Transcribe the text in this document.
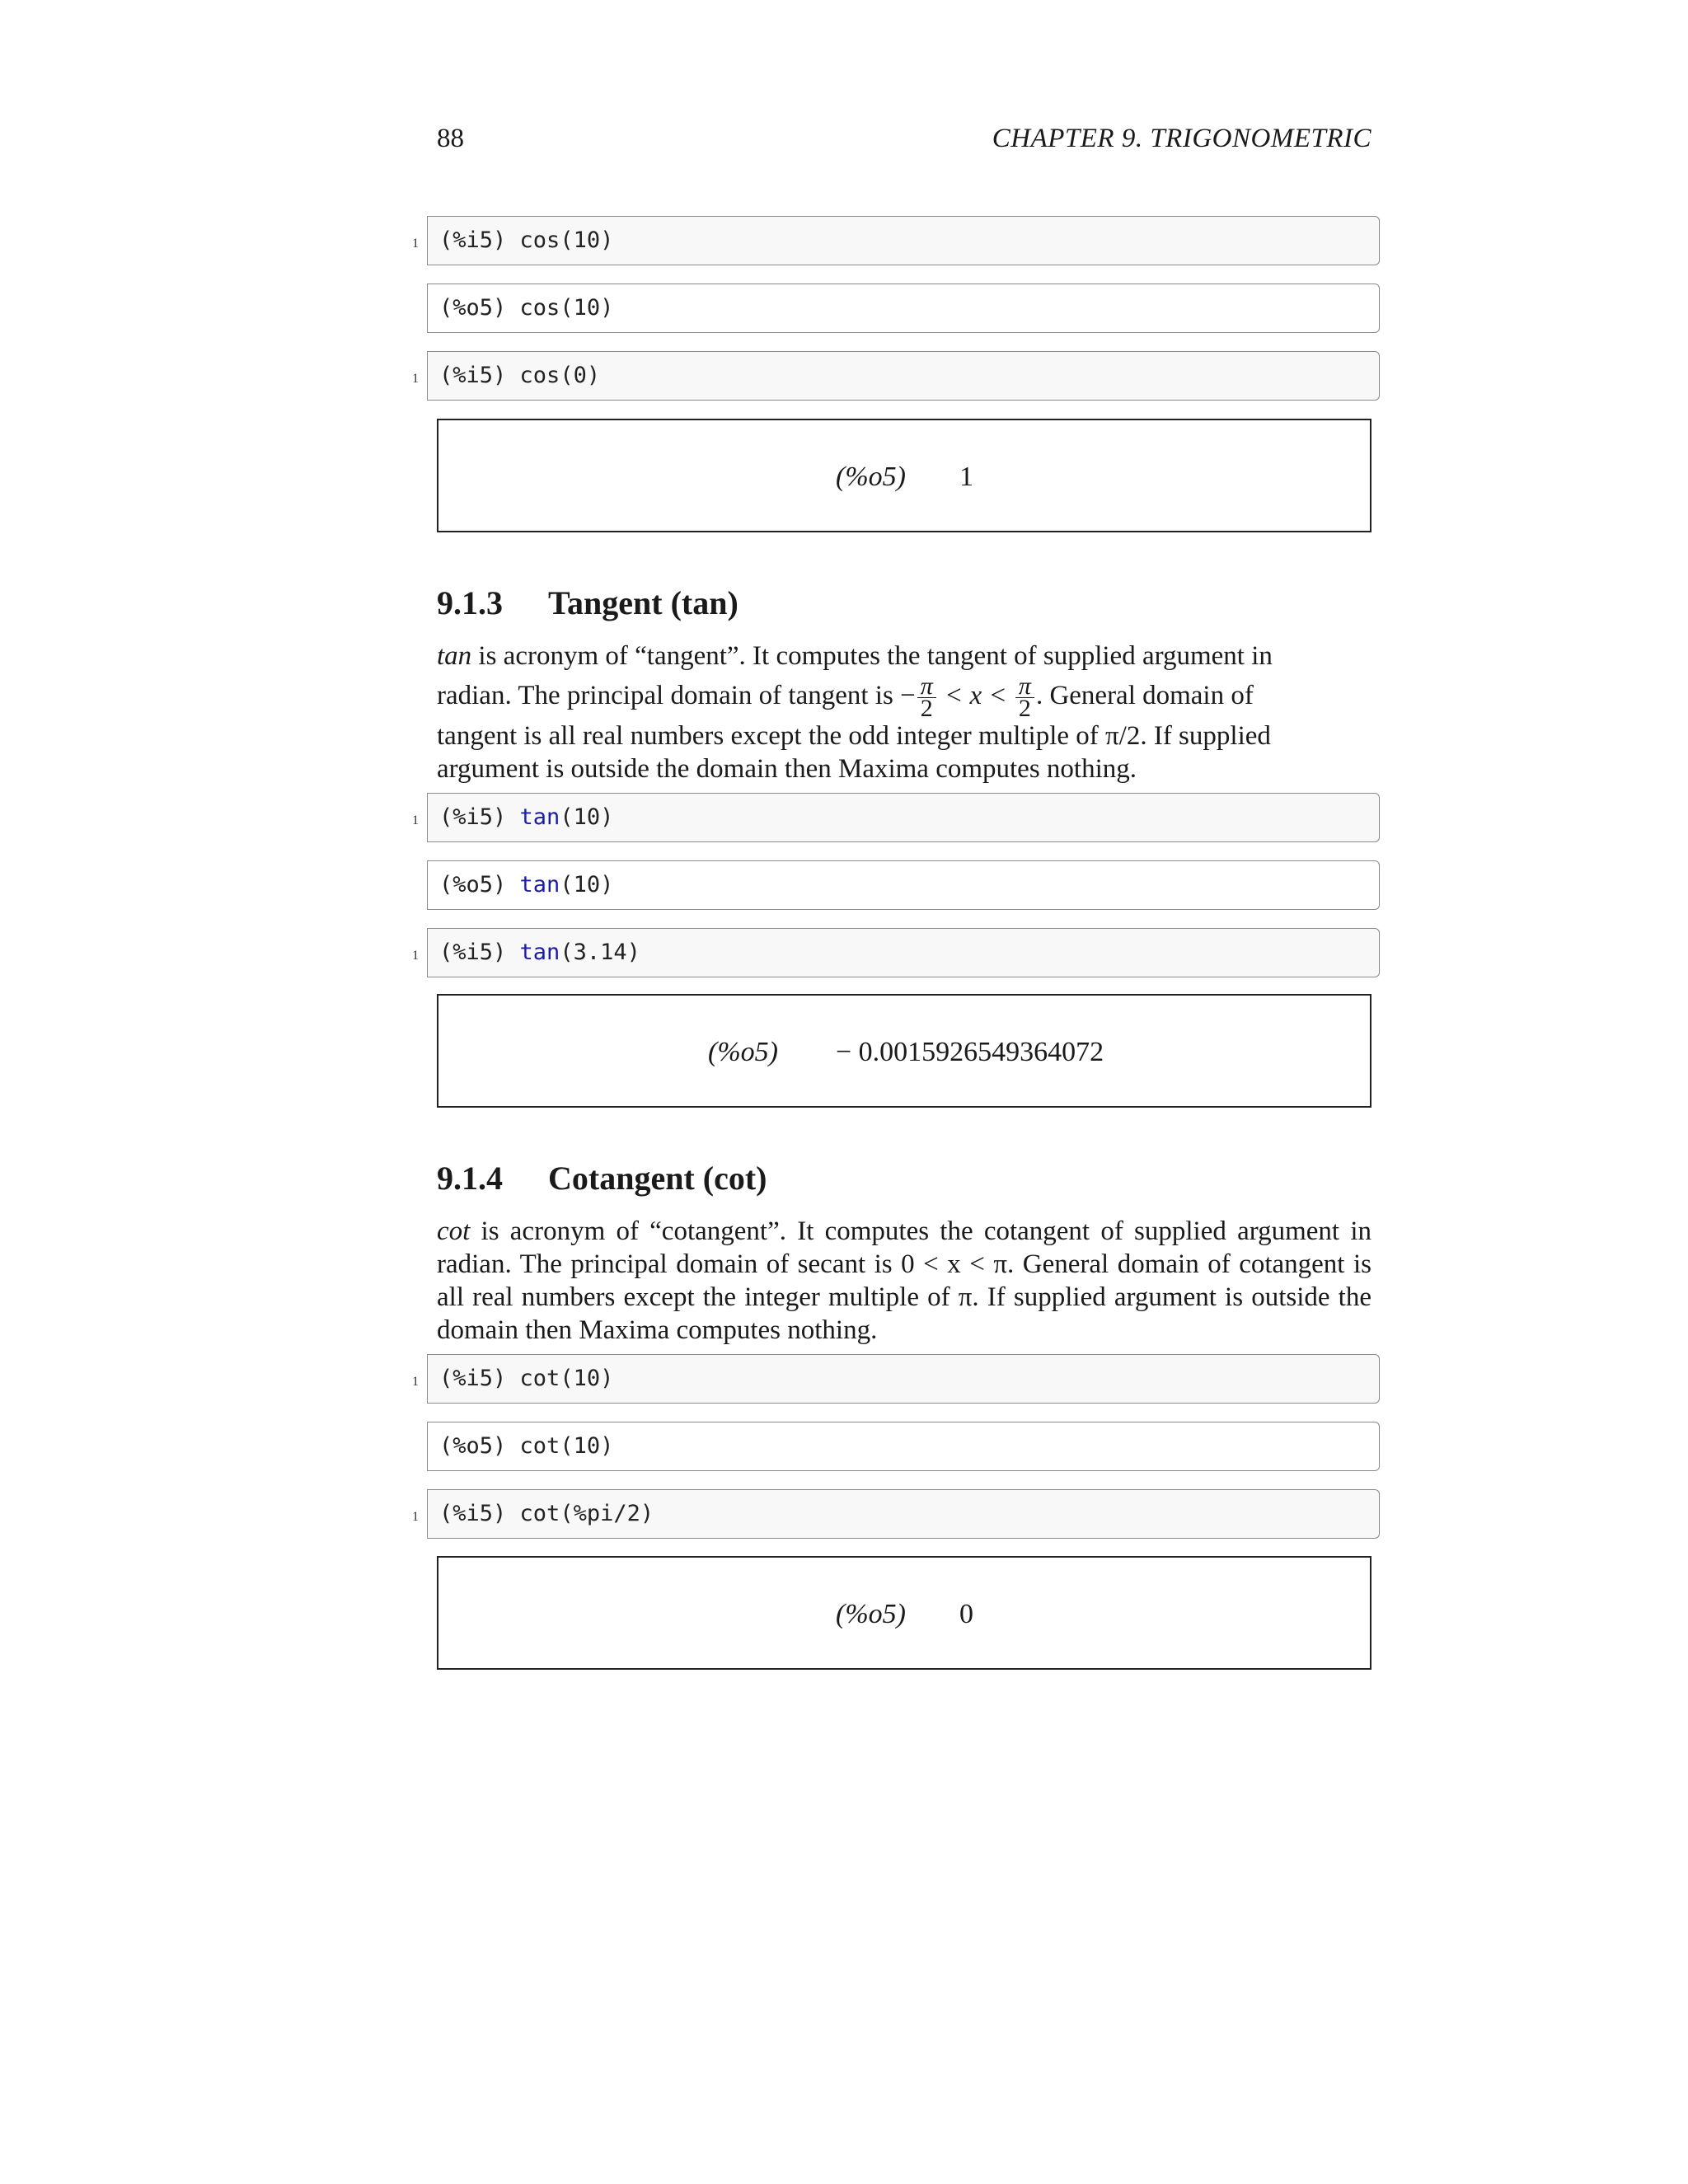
88	CHAPTER 9. TRIGONOMETRIC
1 (%i5) cos(10)
(%o5) cos(10)
1 (%i5) cos(0)
(%o5) 1
9.1.3 Tangent (tan)

tan is acronym of “tangent”. It computes the tangent of supplied argument in

radian. The principal domain of tangent is − $\frac{\pi}{2} < x < \frac{\pi}{2}$ . General domain of

tangent is all real numbers except the odd integer multiple of π/2. If supplied

argument is outside the domain then Maxima computes nothing.

1 (%i5) tan(10)
(%o5) tan(10)
1 (%i5) tan(3.14)
(%o5) − 0.0015926549364072
9.1.4 Cotangent (cot)

cot is acronym of “cotangent”. It computes the cotangent of supplied argument in radian. The principal domain of secant is 0 < x < π. General domain of cotangent is all real numbers except the integer multiple of π. If supplied argument is outside the domain then Maxima computes nothing.

1 (%i5) cot(10)
(%o5) cot(10)
1 (%i5) cot(%pi/2)
(%o5) 0
